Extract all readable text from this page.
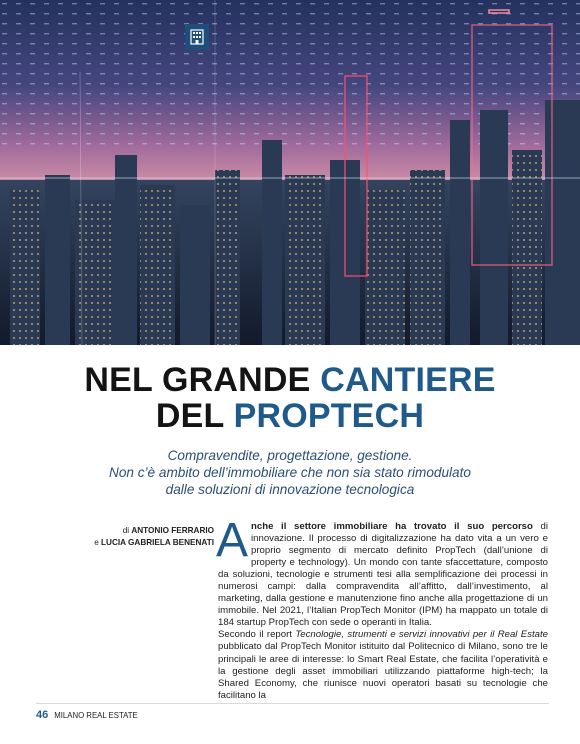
NEL GRANDE CANTIERE
DEL PROPTECH
Compravendite, progettazione, gestione.
Non c’è ambito dell’immobiliare che non sia stato rimodulato
dalle soluzioni di innovazione tecnologica
di ANTONIO FERRARIO
e LUCIA GABRIELA BENENATI Anche il settore immobiliare ha trovato il suo percorso di innovazione. Il processo di digitalizzazione ha dato vita a un vero e proprio segmento di mercato definito PropTech (dall’unione di property e technology). Un mondo con tante sfaccettature, composto da soluzioni, tecnologie e strumenti tesi alla semplificazione dei processi in numerosi campi: dalla compravendita all’affitto, dall’investimento, al marketing, dalla gestione e manutenzione fino anche alla progettazione di un immobile. Nel 2021, l’Italian PropTech Monitor (IPM) ha mappato un totale di 184 startup PropTech con sede o operanti in Italia.

Secondo il report Tecnologie, strumenti e servizi innovativi per il Real Estate pubblicato dal PropTech Monitor istituito dal Politecnico di Milano, sono tre le principali le aree di interesse: lo Smart Real Estate, che facilita l’operatività e la gestione degli asset immobiliari utilizzando piattaforme high-tech; la Shared Economy, che riunisce nuovi operatori basati su tecnologie che facilitano la

46 MILANO REAL ESTATE
